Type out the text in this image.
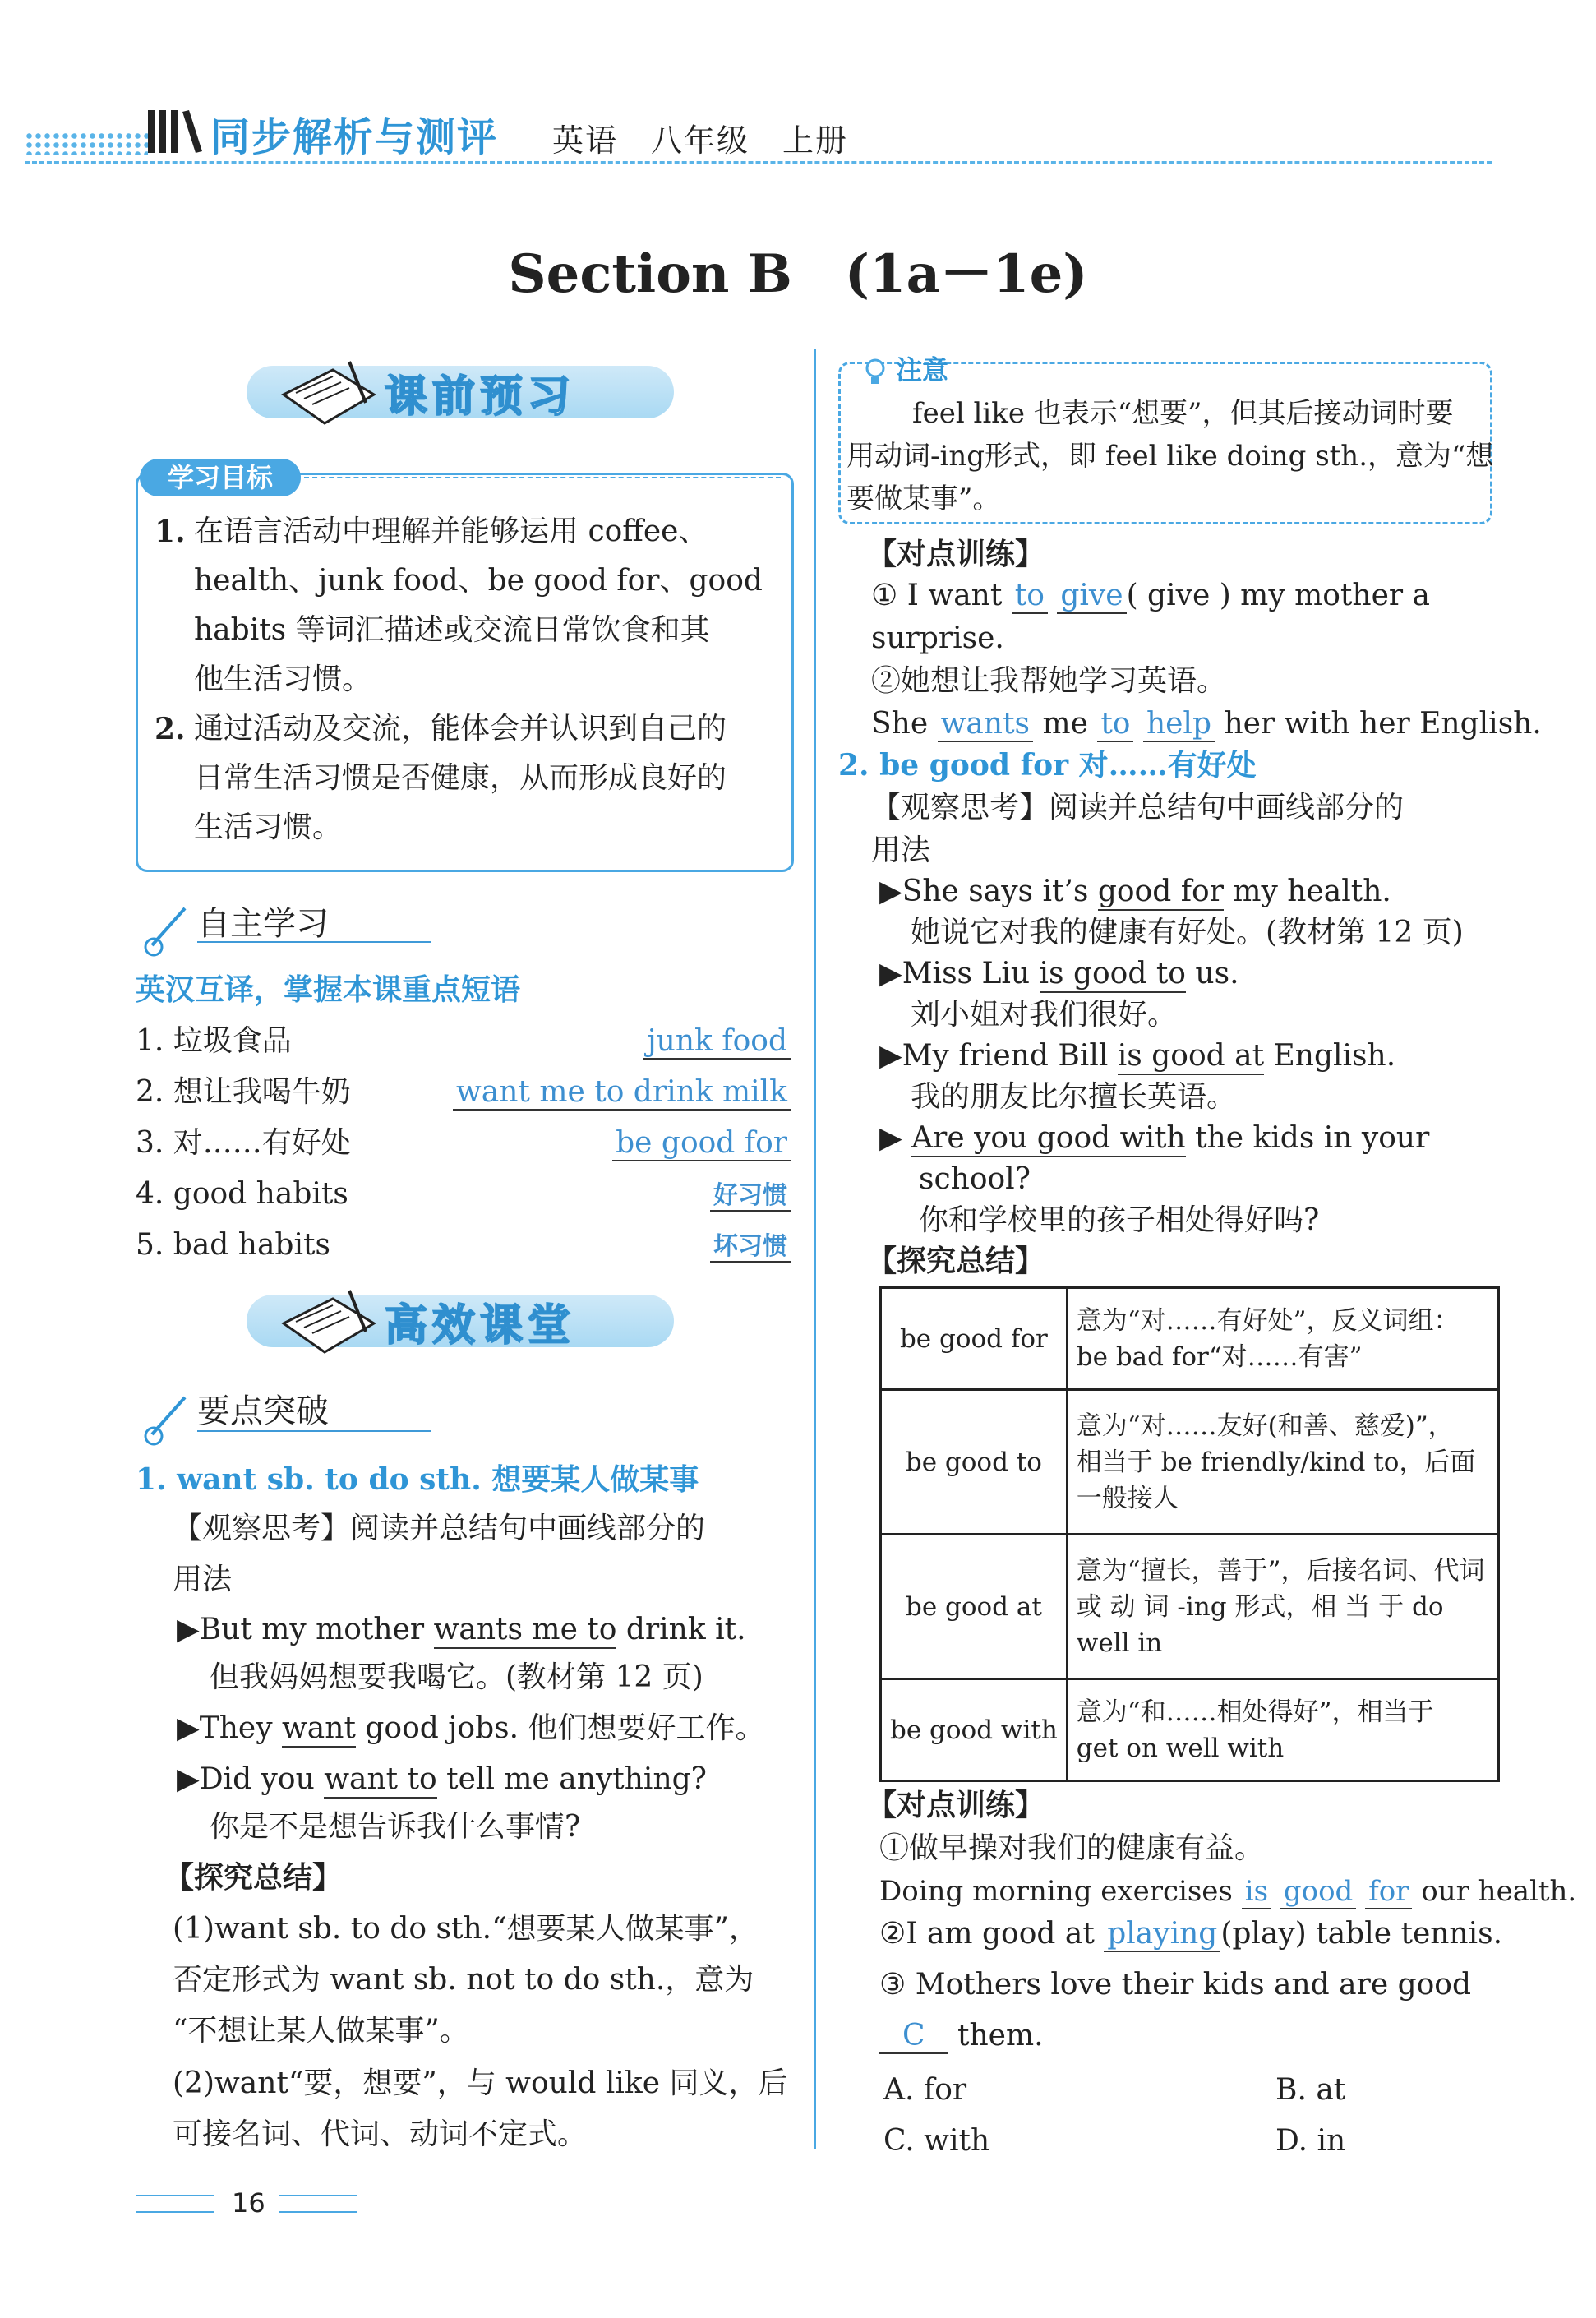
同步解析与测评 英语　八年级　上册
Section B　(1a－1e)
课前预习
学习目标
1. 在语言活动中理解并能够运用 coffee、
health、junk food、be good for、good
habits 等词汇描述或交流日常饮食和其
他生活习惯。
2. 通过活动及交流，能体会并认识到自己的
日常生活习惯是否健康，从而形成良好的
生活习惯。
自主学习
英汉互译，掌握本课重点短语
1. 垃圾食品	junk food
2. 想让我喝牛奶	want me to drink milk
3. 对……有好处	be good for
4. good habits	好习惯
5. bad habits	坏习惯
高效课堂
要点突破
1. want sb. to do sth. 想要某人做某事
【观察思考】阅读并总结句中画线部分的
用法
▶But my mother wants me to drink it.
但我妈妈想要我喝它。(教材第 12 页)
▶They want good jobs. 他们想要好工作。
▶Did you want to tell me anything?
你是不是想告诉我什么事情?
【探究总结】
(1)want sb. to do sth.“想要某人做某事”，
否定形式为 want sb. not to do sth.，意为
“不想让某人做某事”。
(2)want“要，想要”，与 would like 同义，后
可接名词、代词、动词不定式。
注意
feel like 也表示“想要”，但其后接动词时要
用动词-ing形式，即 feel like doing sth.，意为“想
要做某事”。
【对点训练】
① I want to give ( give ) my mother a
surprise.
②她想让我帮她学习英语。
She wants me to help her with her English.
2. be good for 对……有好处
【观察思考】阅读并总结句中画线部分的
用法
▶She says it’s good for my health.
她说它对我的健康有好处。(教材第 12 页)
▶Miss Liu is good to us.
刘小姐对我们很好。
▶My friend Bill is good at English.
我的朋友比尔擅长英语。
▶ Are you good with the kids in your
school?
你和学校里的孩子相处得好吗?
【探究总结】
be good for	意为“对……有好处”，反义词组：
be bad for“对……有害”

be good to	意为“对……友好(和善、慈爱)”，
相当于 be friendly/kind to，后面
一般接人

be good at	意为“擅长，善于”，后接名词、代词
或 动 词 -ing 形式，相 当 于 do
well in

be good with	意为“和……相处得好”，相当于
get on well with
【对点训练】
①做早操对我们的健康有益。
Doing morning exercises is good for our health.
②I am good at playing (play) table tennis.
③ Mothers love their kids and are good
C them.
A. for	B. at
C. with	D. in
16
